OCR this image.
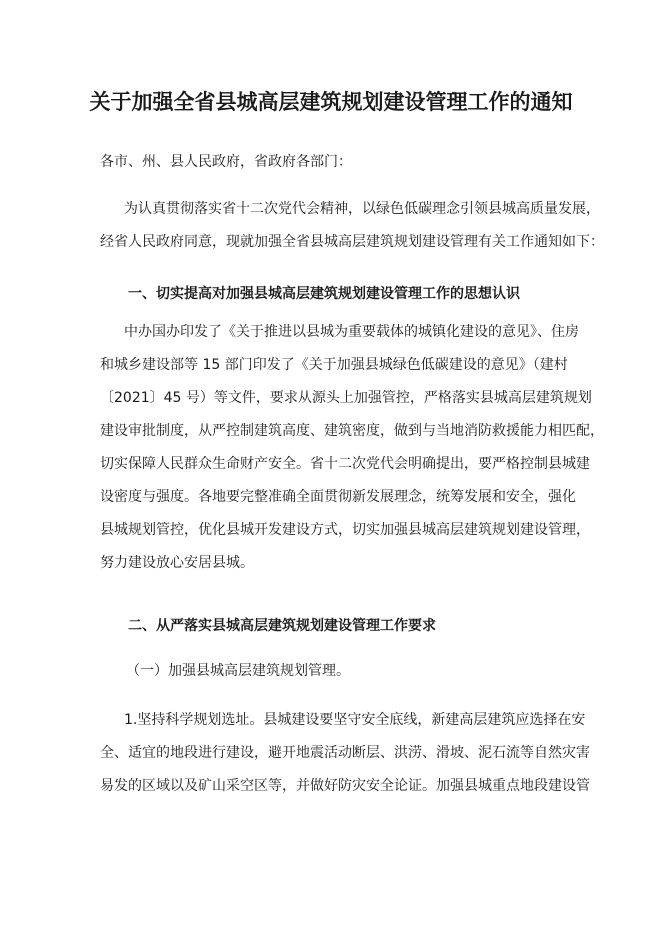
关于加强全省县城高层建筑规划建设管理工作的通知

各市、州、县人民政府，省政府各部门：

为认真贯彻落实省十二次党代会精神，以绿色低碳理念引领县城高质量发展，
经省人民政府同意，现就加强全省县城高层建筑规划建设管理有关工作通知如下：

一、切实提高对加强县城高层建筑规划建设管理工作的思想认识

中办国办印发了《关于推进以县城为重要载体的城镇化建设的意见》、住房
和城乡建设部等 15 部门印发了《关于加强县城绿色低碳建设的意见》（建村
〔2021〕45 号）等文件，要求从源头上加强管控，严格落实县城高层建筑规划
建设审批制度，从严控制建筑高度、建筑密度，做到与当地消防救援能力相匹配，
切实保障人民群众生命财产安全。省十二次党代会明确提出，要严格控制县城建
设密度与强度。各地要完整准确全面贯彻新发展理念，统筹发展和安全，强化
县城规划管控，优化县城开发建设方式，切实加强县城高层建筑规划建设管理，
努力建设放心安居县城。

二、从严落实县城高层建筑规划建设管理工作要求

（一）加强县城高层建筑规划管理。

1.坚持科学规划选址。县城建设要坚守安全底线，新建高层建筑应选择在安
全、适宜的地段进行建设，避开地震活动断层、洪涝、滑坡、泥石流等自然灾害
易发的区域以及矿山采空区等，并做好防灾安全论证。加强县城重点地段建设管
